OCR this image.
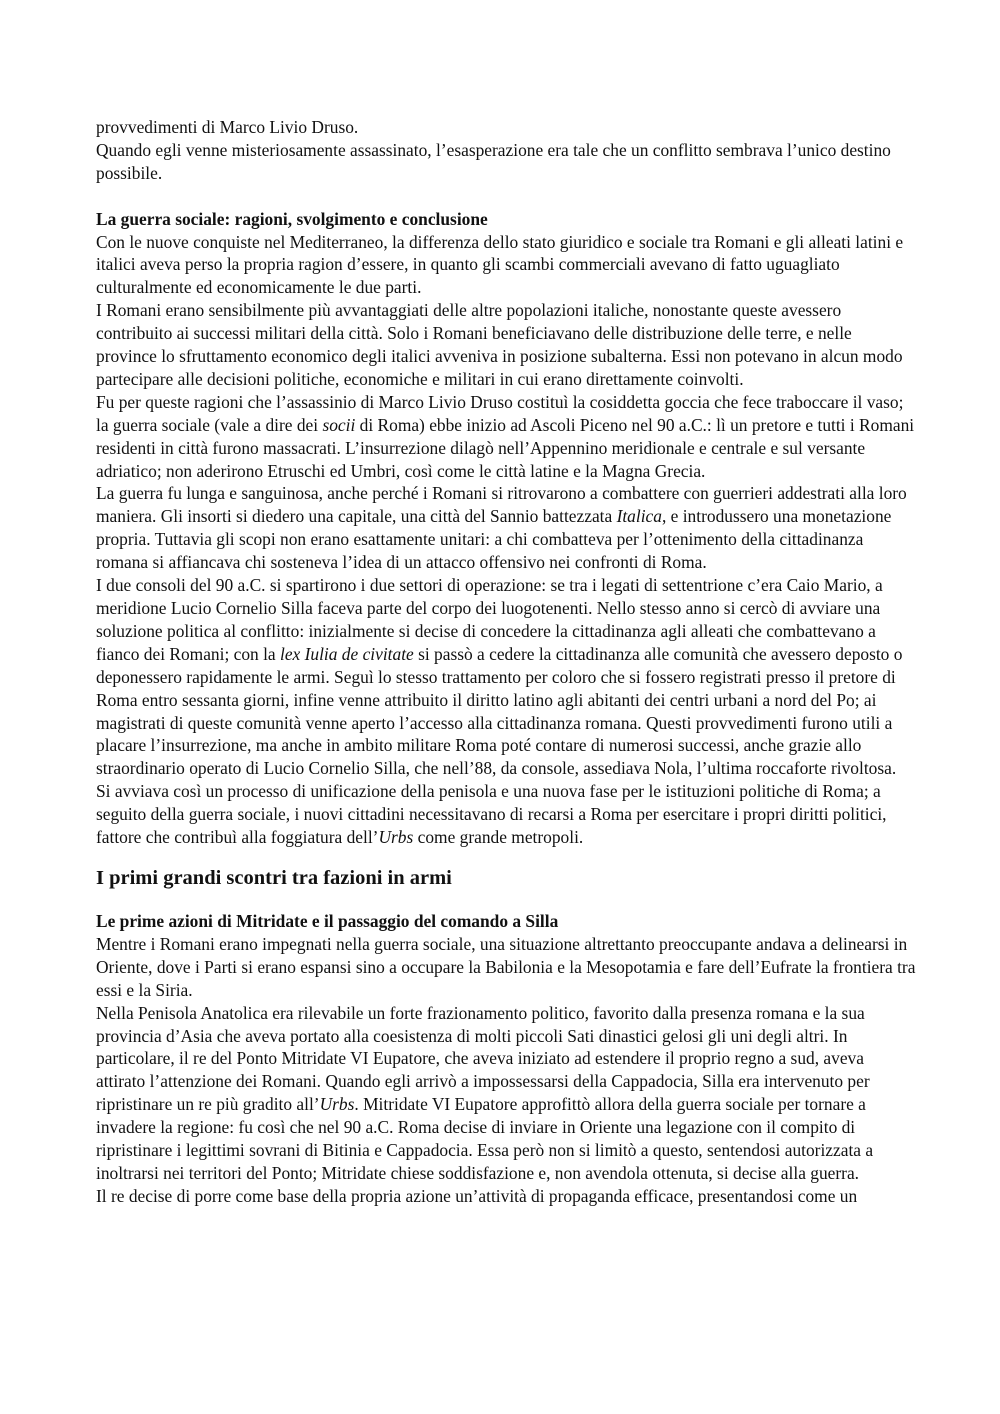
provvedimenti di Marco Livio Druso.

Quando egli venne misteriosamente assassinato, l’esasperazione era tale che un conflitto sembrava l’unico destino possibile.

La guerra sociale: ragioni, svolgimento e conclusione

Con le nuove conquiste nel Mediterraneo, la differenza dello stato giuridico e sociale tra Romani e gli alleati latini e italici aveva perso la propria ragion d’essere, in quanto gli scambi commerciali avevano di fatto uguagliato culturalmente ed economicamente le due parti.

I Romani erano sensibilmente più avvantaggiati delle altre popolazioni italiche, nonostante queste avessero contribuito ai successi militari della città. Solo i Romani beneficiavano delle distribuzione delle terre, e nelle province lo sfruttamento economico degli italici avveniva in posizione subalterna. Essi non potevano in alcun modo partecipare alle decisioni politiche, economiche e militari in cui erano direttamente coinvolti.

Fu per queste ragioni che l’assassinio di Marco Livio Druso costituì la cosiddetta goccia che fece traboccare il vaso; la guerra sociale (vale a dire dei socii di Roma) ebbe inizio ad Ascoli Piceno nel 90 a.C.: lì un pretore e tutti i Romani residenti in città furono massacrati. L’insurrezione dilagò nell’Appennino meridionale e centrale e sul versante adriatico; non aderirono Etruschi ed Umbri, così come le città latine e la Magna Grecia.

La guerra fu lunga e sanguinosa, anche perché i Romani si ritrovarono a combattere con guerrieri addestrati alla loro maniera. Gli insorti si diedero una capitale, una città del Sannio battezzata Italica, e introdussero una monetazione propria. Tuttavia gli scopi non erano esattamente unitari: a chi combatteva per l’ottenimento della cittadinanza romana si affiancava chi sosteneva l’idea di un attacco offensivo nei confronti di Roma.

I due consoli del 90 a.C. si spartirono i due settori di operazione: se tra i legati di settentrione c’era Caio Mario, a meridione Lucio Cornelio Silla faceva parte del corpo dei luogotenenti. Nello stesso anno si cercò di avviare una soluzione politica al conflitto: inizialmente si decise di concedere la cittadinanza agli alleati che combattevano a fianco dei Romani; con la lex Iulia de civitate si passò a cedere la cittadinanza alle comunità che avessero deposto o deponessero rapidamente le armi. Seguì lo stesso trattamento per coloro che si fossero registrati presso il pretore di Roma entro sessanta giorni, infine venne attribuito il diritto latino agli abitanti dei centri urbani a nord del Po; ai magistrati di queste comunità venne aperto l’accesso alla cittadinanza romana. Questi provvedimenti furono utili a placare l’insurrezione, ma anche in ambito militare Roma poté contare di numerosi successi, anche grazie allo straordinario operato di Lucio Cornelio Silla, che nell’88, da console, assediava Nola, l’ultima roccaforte rivoltosa.

Si avviava così un processo di unificazione della penisola e una nuova fase per le istituzioni politiche di Roma; a seguito della guerra sociale, i nuovi cittadini necessitavano di recarsi a Roma per esercitare i propri diritti politici, fattore che contribuì alla foggiatura dell’Urbs come grande metropoli.

I primi grandi scontri tra fazioni in armi

Le prime azioni di Mitridate e il passaggio del comando a Silla

Mentre i Romani erano impegnati nella guerra sociale, una situazione altrettanto preoccupante andava a delinearsi in Oriente, dove i Parti si erano espansi sino a occupare la Babilonia e la Mesopotamia e fare dell’Eufrate la frontiera tra essi e la Siria.

Nella Penisola Anatolica era rilevabile un forte frazionamento politico, favorito dalla presenza romana e la sua provincia d’Asia che aveva portato alla coesistenza di molti piccoli Sati dinastici gelosi gli uni degli altri. In particolare, il re del Ponto Mitridate VI Eupatore, che aveva iniziato ad estendere il proprio regno a sud, aveva attirato l’attenzione dei Romani. Quando egli arrivò a impossessarsi della Cappadocia, Silla era intervenuto per ripristinare un re più gradito all’Urbs. Mitridate VI Eupatore approfittò allora della guerra sociale per tornare a invadere la regione: fu così che nel 90 a.C. Roma decise di inviare in Oriente una legazione con il compito di ripristinare i legittimi sovrani di Bitinia e Cappadocia. Essa però non si limitò a questo, sentendosi autorizzata a inoltrarsi nei territori del Ponto; Mitridate chiese soddisfazione e, non avendola ottenuta, si decise alla guerra.

Il re decise di porre come base della propria azione un’attività di propaganda efficace, presentandosi come un
